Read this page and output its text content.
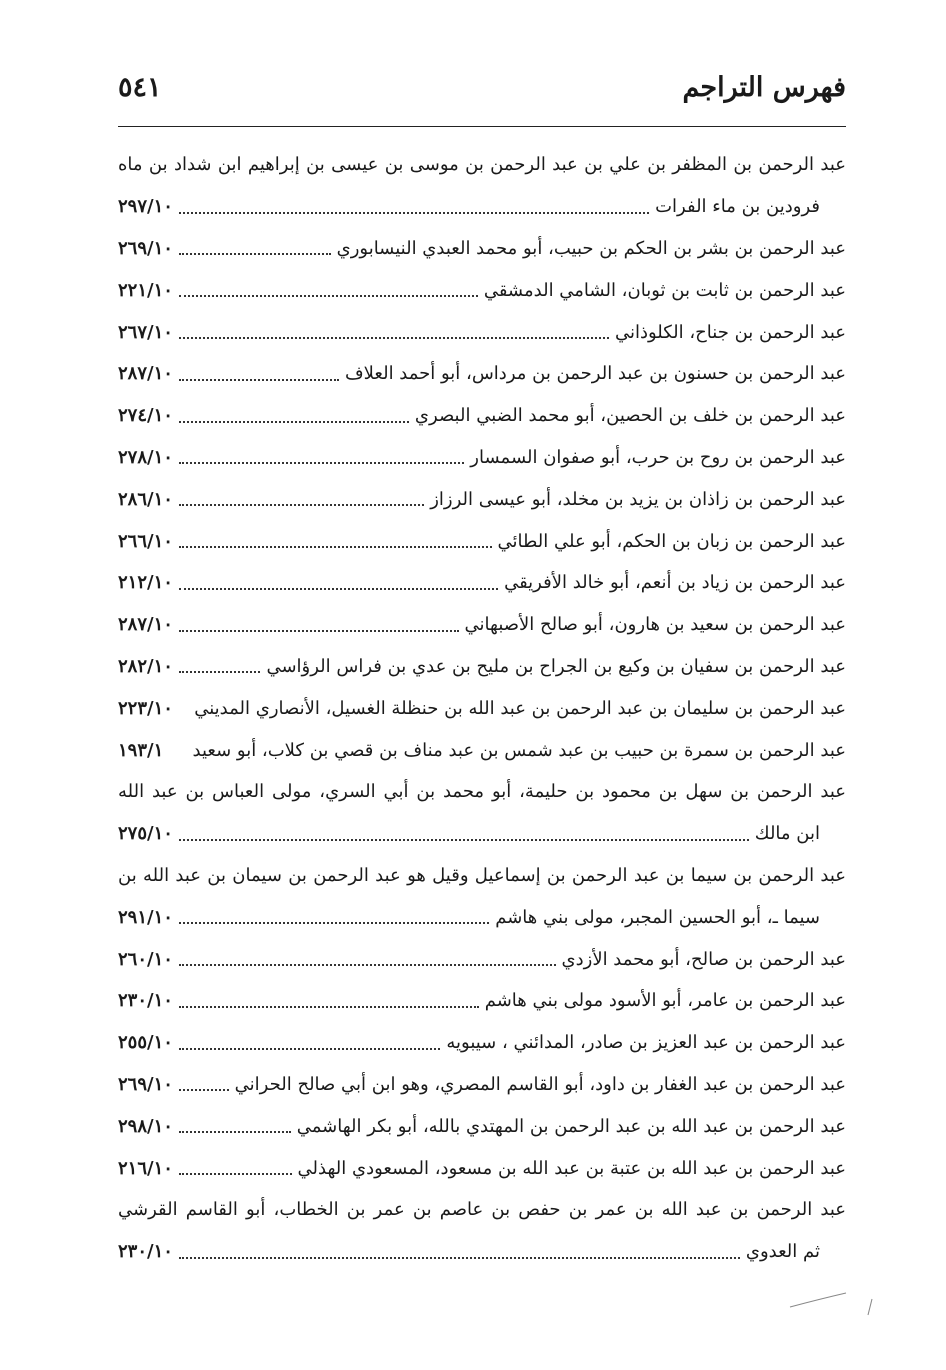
فهرس التراجم
٥٤١
عبد الرحمن بن المظفر بن علي بن عبد الرحمن بن موسى بن عيسى بن إبراهيم ابن شداد بن ماه
فرودين بن ماء الفرات
٢٩٧/١٠
عبد الرحمن بن بشر بن الحكم بن حبيب، أبو محمد العبدي النيسابوري
٢٦٩/١٠
عبد الرحمن بن ثابت بن ثوبان، الشامي الدمشقي
٢٢١/١٠
عبد الرحمن بن جناح، الكلوذاني
٢٦٧/١٠
عبد الرحمن بن حسنون بن عبد الرحمن بن مرداس، أبو أحمد العلاف
٢٨٧/١٠
عبد الرحمن بن خلف بن الحصين، أبو محمد الضبي البصري
٢٧٤/١٠
عبد الرحمن بن روح بن حرب، أبو صفوان السمسار
٢٧٨/١٠
عبد الرحمن بن زاذان بن يزيد بن مخلد، أبو عيسى الرزاز
٢٨٦/١٠
عبد الرحمن بن زبان بن الحكم، أبو علي الطائي
٢٦٦/١٠
عبد الرحمن بن زياد بن أنعم، أبو خالد الأفريقي
٢١٢/١٠
عبد الرحمن بن سعيد بن هارون، أبو صالح الأصبهاني
٢٨٧/١٠
عبد الرحمن بن سفيان بن وكيع بن الجراح بن مليح بن عدي بن فراس الرؤاسي
٢٨٢/١٠
عبد الرحمن بن سليمان بن عبد الرحمن بن عبد الله بن حنظلة الغسيل، الأنصاري المديني
٢٢٣/١٠
عبد الرحمن بن سمرة بن حبيب بن عبد شمس بن عبد مناف بن قصي بن كلاب، أبو سعيد
١٩٣/١
عبد الرحمن بن سهل بن محمود بن حليمة، أبو محمد بن أبي السري، مولى العباس بن عبد الله
ابن مالك
٢٧٥/١٠
عبد الرحمن بن سيما بن عبد الرحمن بن إسماعيل وقيل هو عبد الرحمن بن سيمان بن عبد الله بن
سيما ـ، أبو الحسين المجبر، مولى بني هاشم
٢٩١/١٠
عبد الرحمن بن صالح، أبو محمد الأزدي
٢٦٠/١٠
عبد الرحمن بن عامر، أبو الأسود مولى بني هاشم
٢٣٠/١٠
عبد الرحمن بن عبد العزيز بن صادر، المدائني ، سيبويه
٢٥٥/١٠
عبد الرحمن بن عبد الغفار بن داود، أبو القاسم المصري، وهو ابن أبي صالح الحراني
٢٦٩/١٠
عبد الرحمن بن عبد الله بن عبد الرحمن بن المهتدي بالله، أبو بكر الهاشمي
٢٩٨/١٠
عبد الرحمن بن عبد الله بن عتبة بن عبد الله بن مسعود، المسعودي الهذلي
٢١٦/١٠
عبد الرحمن بن عبد الله بن عمر بن حفص بن عاصم بن عمر بن الخطاب، أبو القاسم القرشي
ثم العدوي
٢٣٠/١٠
